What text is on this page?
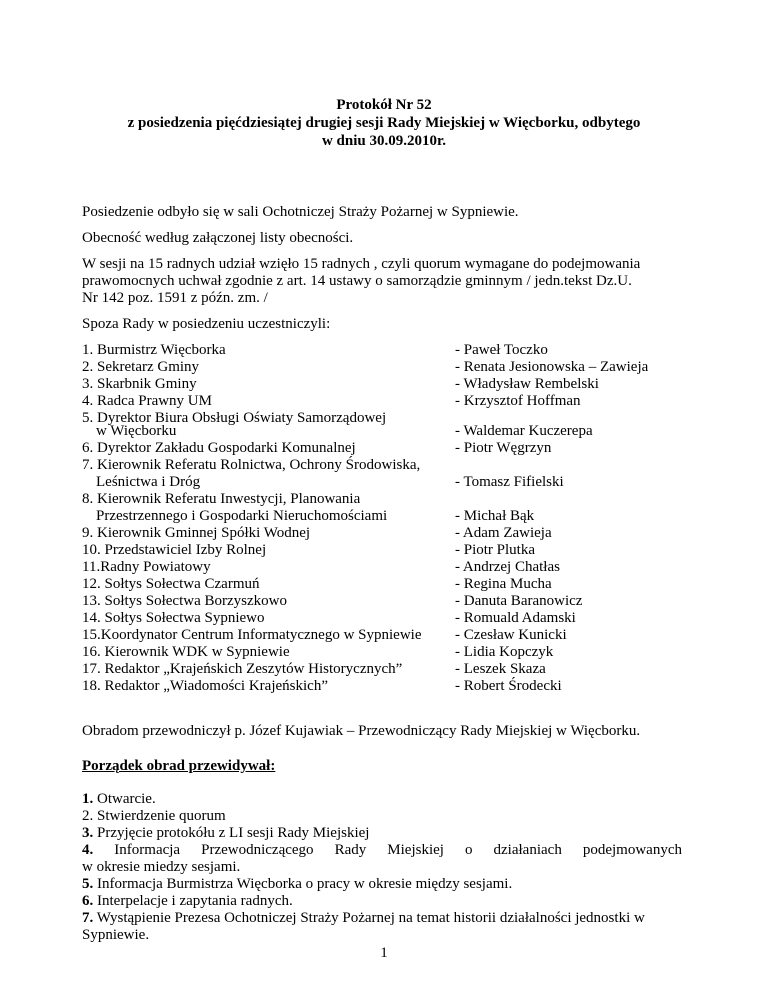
Protokół Nr 52
z posiedzenia pięćdziesiątej drugiej sesji Rady Miejskiej w Więcborku, odbytego
w dniu 30.09.2010r.
Posiedzenie odbyło się w sali Ochotniczej Straży Pożarnej w Sypniewie.
Obecność według załączonej listy obecności.
W sesji na 15 radnych udział wzięło 15 radnych , czyli quorum wymagane do podejmowania
prawomocnych uchwał zgodnie z art. 14 ustawy o samorządzie gminnym / jedn.tekst Dz.U.
Nr 142 poz. 1591 z późn. zm. /
Spoza Rady w posiedzeniu uczestniczyli:
1. Burmistrz Więcborka
2. Sekretarz Gminy
3. Skarbnik Gminy
4. Radca Prawny UM
5. Dyrektor Biura Obsługi Oświaty Samorządowej
- Paweł Toczko
- Renata Jesionowska – Zawieja
- Władysław Rembelski
- Krzysztof Hoffman
w Więcborku
6. Dyrektor Zakładu Gospodarki Komunalnej
7. Kierownik Referatu Rolnictwa, Ochrony Środowiska,
Leśnictwa i Dróg
8. Kierownik Referatu Inwestycji, Planowania
Przestrzennego i Gospodarki Nieruchomościami
9. Kierownik Gminnej Spółki Wodnej
10. Przedstawiciel Izby Rolnej
11.Radny Powiatowy
12. Sołtys Sołectwa Czarmuń
13. Sołtys Sołectwa Borzyszkowo
14. Sołtys Sołectwa Sypniewo
15.Koordynator Centrum Informatycznego w Sypniewie
16. Kierownik WDK w Sypniewie
17. Redaktor „Krajeńskich Zeszytów Historycznych”
18. Redaktor „Wiadomości Krajeńskich”
- Waldemar Kuczerepa
- Piotr Węgrzyn

- Tomasz Fifielski

- Michał Bąk
- Adam Zawieja
- Piotr Plutka
- Andrzej Chatłas
- Regina Mucha
- Danuta Baranowicz
- Romuald Adamski
- Czesław Kunicki
- Lidia Kopczyk
- Leszek Skaza
- Robert Środecki
Obradom przewodniczył p. Józef Kujawiak – Przewodniczący Rady Miejskiej w Więcborku.
Porządek obrad przewidywał:
1. Otwarcie.
2. Stwierdzenie quorum
3. Przyjęcie protokółu z LI sesji Rady Miejskiej
4. Informacja Przewodniczącego Rady Miejskiej o działaniach podejmowanych
w okresie miedzy sesjami.
5. Informacja Burmistrza Więcborka o pracy w okresie między sesjami.
6. Interpelacje i zapytania radnych.
7. Wystąpienie Prezesa Ochotniczej Straży Pożarnej na temat historii działalności jednostki w
Sypniewie.
1
